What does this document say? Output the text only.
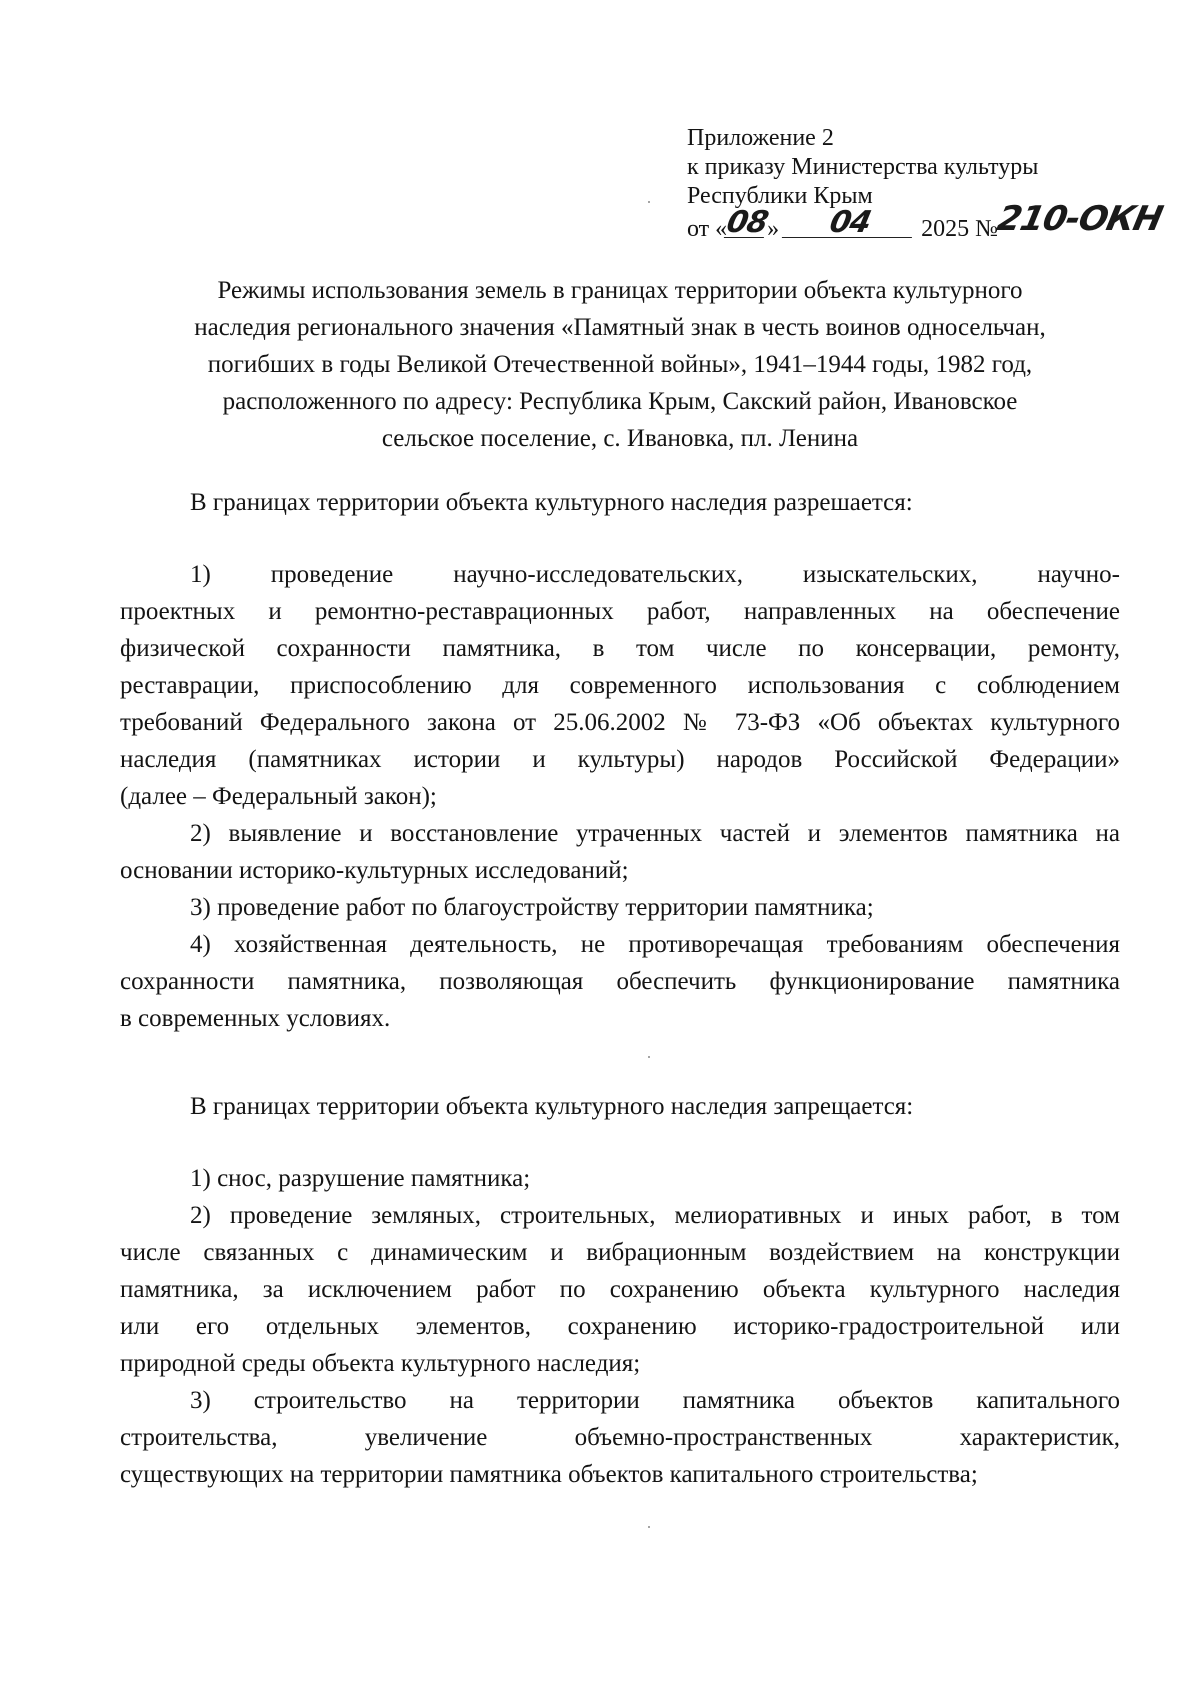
Приложение 2
к приказу Министерства культуры
Республики Крым
от «08» 04 2025 №210-ОКН
Режимы использования земель в границах территории объекта культурного
наследия регионального значения «Памятный знак в честь воинов односельчан,
погибших в годы Великой Отечественной войны», 1941–1944 годы, 1982 год,
расположенного по адресу: Республика Крым, Сакский район, Ивановское
сельское поселение, с. Ивановка, пл. Ленина
В границах территории объекта культурного наследия разрешается:

1) проведение научно-исследовательских, изыскательских, научно-
проектных и ремонтно-реставрационных работ, направленных на обеспечение
физической сохранности памятника, в том числе по консервации, ремонту,
реставрации, приспособлению для современного использования с соблюдением
требований Федерального закона от 25.06.2002 № 73-ФЗ «Об объектах культурного
наследия (памятниках истории и культуры) народов Российской Федерации»
(далее – Федеральный закон);

2) выявление и восстановление утраченных частей и элементов памятника на
основании историко-культурных исследований;

3) проведение работ по благоустройству территории памятника;

4) хозяйственная деятельность, не противоречащая требованиям обеспечения
сохранности памятника, позволяющая обеспечить функционирование памятника
в современных условиях.

В границах территории объекта культурного наследия запрещается:

1) снос, разрушение памятника;

2) проведение земляных, строительных, мелиоративных и иных работ, в том
числе связанных с динамическим и вибрационным воздействием на конструкции
памятника, за исключением работ по сохранению объекта культурного наследия
или его отдельных элементов, сохранению историко-градостроительной или
природной среды объекта культурного наследия;

3) строительство на территории памятника объектов капитального
строительства, увеличение объемно-пространственных характеристик,
существующих на территории памятника объектов капитального строительства;
